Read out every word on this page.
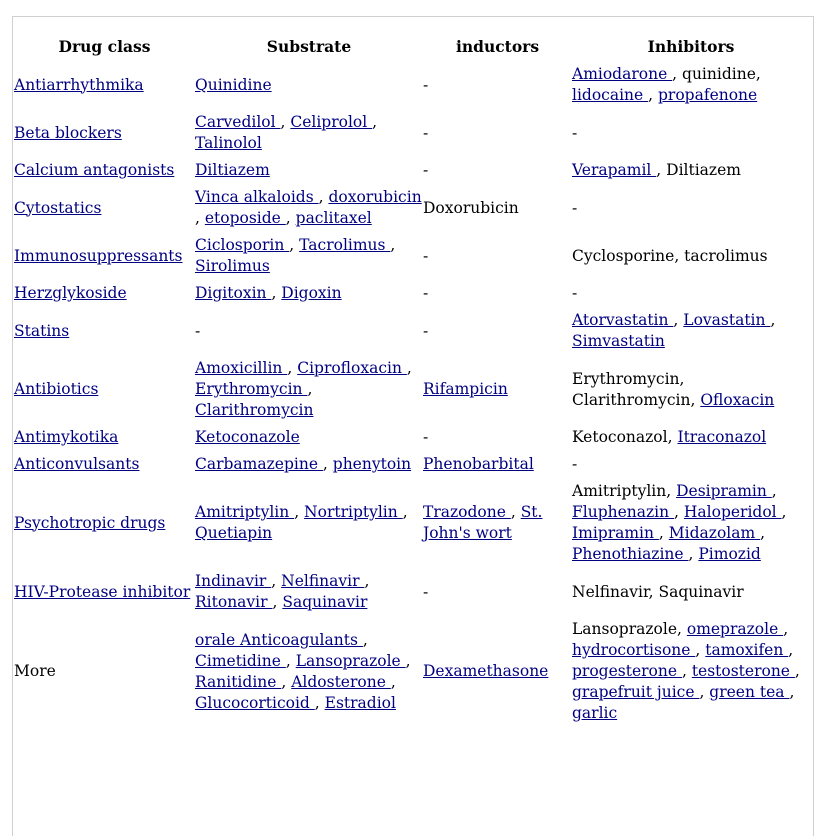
Drug class	Substrate	inductors	Inhibitors
Antiarrhythmika	Quinidine	-	Amiodarone , quinidine, lidocaine , propafenone
Beta blockers	Carvedilol , Celiprolol , Talinolol	-	-
Calcium antagonists	Diltiazem	-	Verapamil , Diltiazem
Cytostatics	Vinca alkaloids , doxorubicin , etoposide , paclitaxel	Doxorubicin	-
Immunosuppressants	Ciclosporin , Tacrolimus , Sirolimus	-	Cyclosporine, tacrolimus
Herzglykoside	Digitoxin , Digoxin	-	-
Statins	-	-	Atorvastatin , Lovastatin , Simvastatin
Antibiotics	Amoxicillin , Ciprofloxacin , Erythromycin , Clarithromycin	Rifampicin	Erythromycin, Clarithromycin, Ofloxacin
Antimykotika	Ketoconazole	-	Ketoconazol, Itraconazol
Anticonvulsants	Carbamazepine , phenytoin	Phenobarbital	-
Psychotropic drugs	Amitriptylin , Nortriptylin , Quetiapin	Trazodone , St. John's wort	Amitriptylin, Desipramin , Fluphenazin , Haloperidol , Imipramin , Midazolam , Phenothiazine , Pimozid
HIV-Protease inhibitor	Indinavir , Nelfinavir , Ritonavir , Saquinavir	-	Nelfinavir, Saquinavir
More	orale Anticoagulants , Cimetidine , Lansoprazole , Ranitidine , Aldosterone , Glucocorticoid , Estradiol	Dexamethasone	Lansoprazole, omeprazole , hydrocortisone , tamoxifen , progesterone , testosterone , grapefruit juice , green tea , garlic
